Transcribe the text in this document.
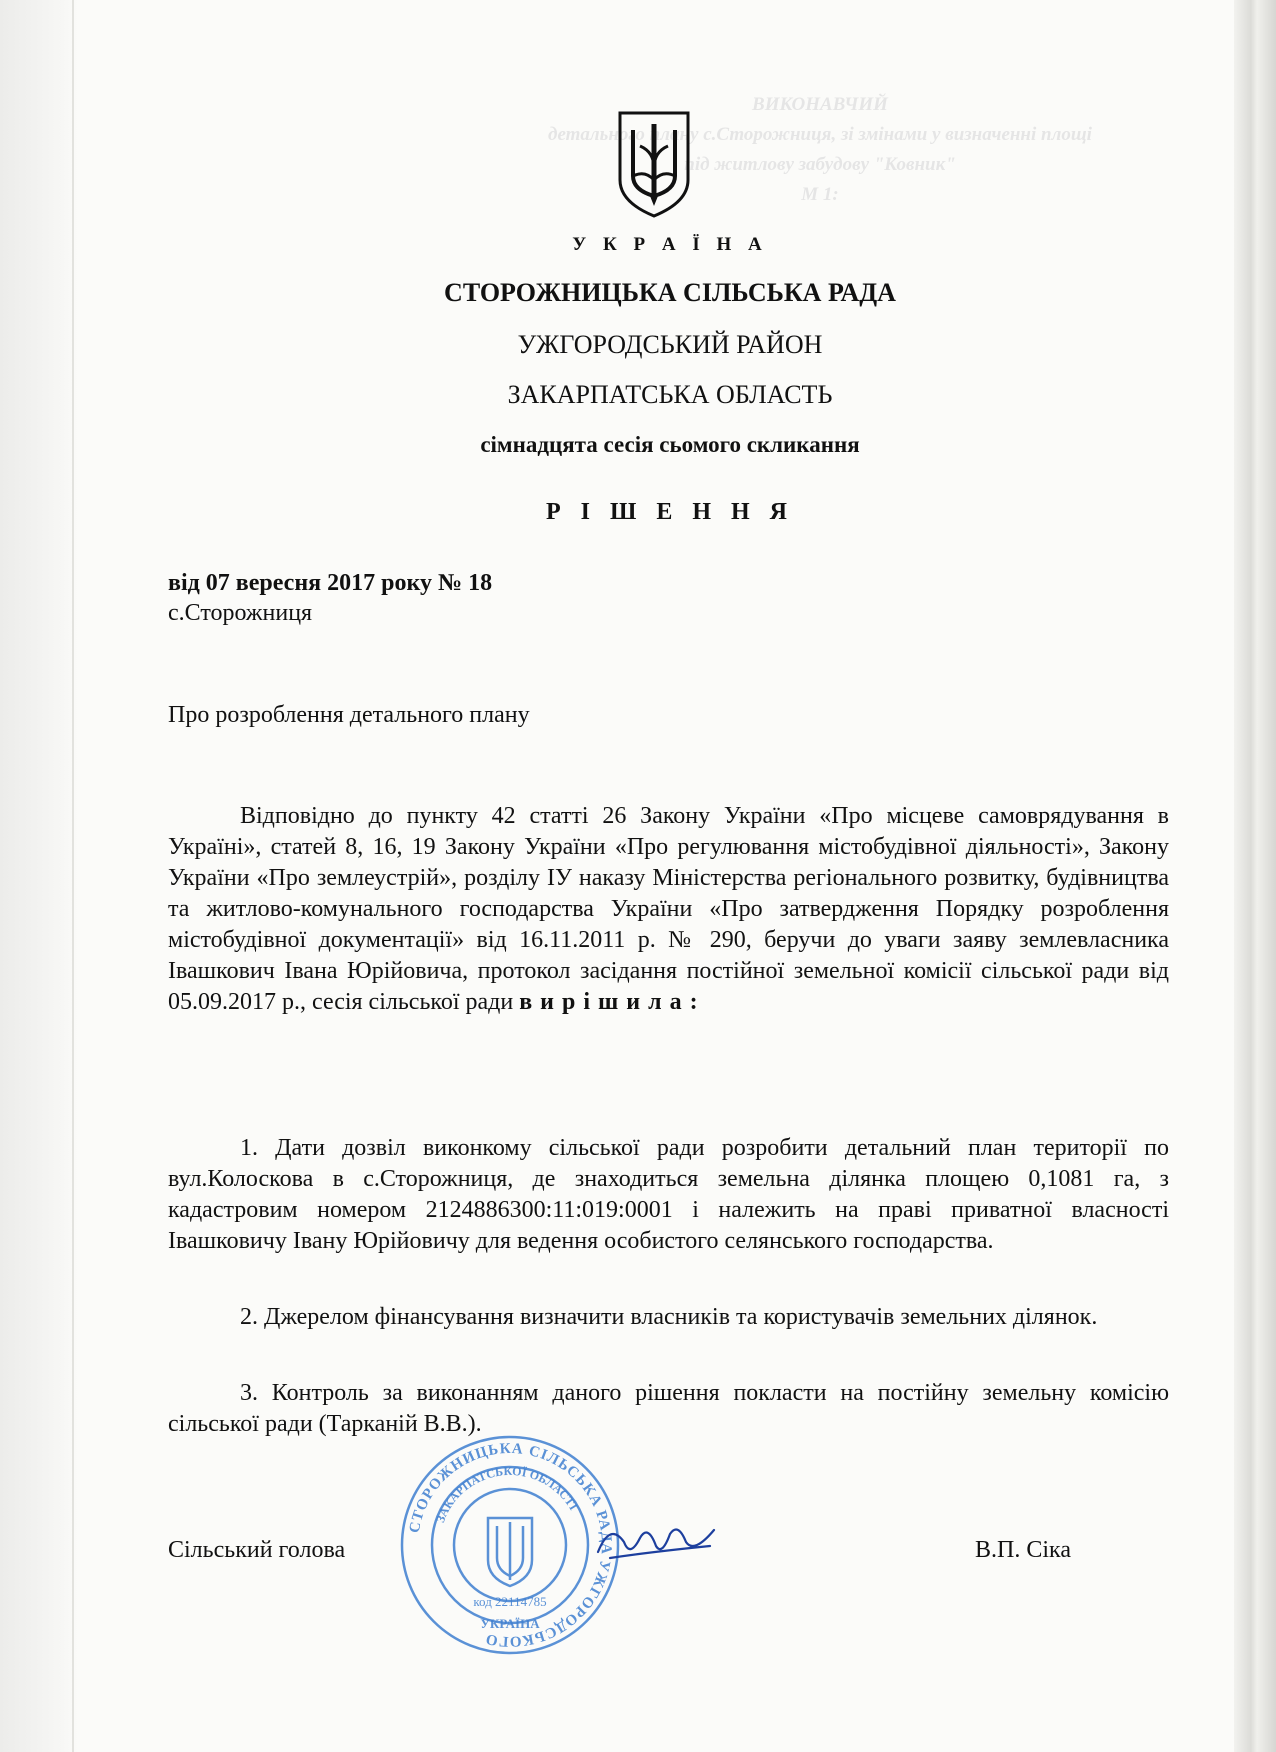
ВИКОНАВЧИЙ
детального плану с.Сторожниця, зі змінами у визначенні площі
під житлову забудову "Ковник"
М 1:
У К Р А Ї Н А
СТОРОЖНИЦЬКА СІЛЬСЬКА РАДА
УЖГОРОДСЬКИЙ РАЙОН
ЗАКАРПАТСЬКА ОБЛАСТЬ
сімнадцята сесія сьомого скликання
Р І Ш Е Н Н Я
від 07 вересня 2017 року № 18
с.Сторожниця
Про розроблення детального плану
Відповідно до пункту 42 статті 26 Закону України «Про місцеве самоврядування в Україні», статей 8, 16, 19 Закону України «Про регулювання містобудівної діяльності», Закону України «Про землеустрій», розділу ІУ наказу Міністерства регіонального розвитку, будівництва та житлово-комунального господарства України «Про затвердження Порядку розроблення містобудівної документації» від 16.11.2011 р. № 290, беручи до уваги заяву землевласника Івашкович Івана Юрійовича, протокол засідання постійної земельної комісії сільської ради від 05.09.2017 р., сесія сільської ради вирішила:
1. Дати дозвіл виконкому сільської ради розробити детальний план території по вул.Колоскова в с.Сторожниця, де знаходиться земельна ділянка площею 0,1081 га, з кадастровим номером 2124886300:11:019:0001 і належить на праві приватної власності Івашковичу Івану Юрійовичу для ведення особистого селянського господарства.
2. Джерелом фінансування визначити власників та користувачів земельних ділянок.
3. Контроль за виконанням даного рішення покласти на постійну земельну комісію сільської ради (Тарканій В.В.).
Сільський голова	В.П. Сіка
СТОРОЖНИЦЬКА СІЛЬСЬКА РАДА УЖГОРОДСЬКОГО
ЗАКАРПАТСЬКОЇ ОБЛАСТІ
код 22114785
УКРАЇНА
